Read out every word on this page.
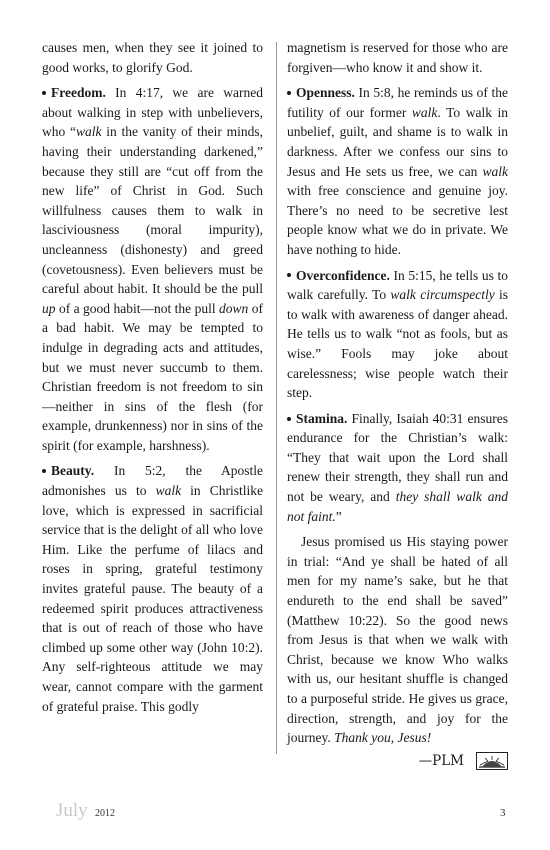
causes men, when they see it joined to good works, to glorify God.

Freedom. In 4:17, we are warned about walking in step with unbelievers, who “walk in the vanity of their minds, having their understanding darkened,” because they still are “cut off from the new life” of Christ in God. Such willfulness causes them to walk in lasciviousness (moral impurity), uncleanness (dishonesty) and greed (covetousness). Even believers must be careful about habit. It should be the pull up of a good habit—not the pull down of a bad habit. We may be tempted to indulge in degrading acts and attitudes, but we must never succumb to them. Christian freedom is not freedom to sin—neither in sins of the flesh (for example, drunkenness) nor in sins of the spirit (for example, harshness).

Beauty. In 5:2, the Apostle admonishes us to walk in Christlike love, which is expressed in sacrificial service that is the delight of all who love Him. Like the perfume of lilacs and roses in spring, grateful testimony invites grateful pause. The beauty of a redeemed spirit produces attractiveness that is out of reach of those who have climbed up some other way (John 10:2). Any self-righteous attitude we may wear, cannot compare with the garment of grateful praise. This godly

magnetism is reserved for those who are forgiven—who know it and show it.

Openness. In 5:8, he reminds us of the futility of our former walk. To walk in unbelief, guilt, and shame is to walk in darkness. After we confess our sins to Jesus and He sets us free, we can walk with free conscience and genuine joy. There’s no need to be secretive lest people know what we do in private. We have nothing to hide.

Overconfidence. In 5:15, he tells us to walk carefully. To walk circumspectly is to walk with awareness of danger ahead. He tells us to walk “not as fools, but as wise.” Fools may joke about carelessness; wise people watch their step.

Stamina. Finally, Isaiah 40:31 ensures endurance for the Christian’s walk: “They that wait upon the Lord shall renew their strength, they shall run and not be weary, and they shall walk and not faint.”

Jesus promised us His staying power in trial: “And ye shall be hated of all men for my name’s sake, but he that endureth to the end shall be saved” (Matthew 10:22). So the good news from Jesus is that when we walk with Christ, because we know Who walks with us, our hesitant shuffle is changed to a purposeful stride. He gives us grace, direction, strength, and joy for the journey. Thank you, Jesus!

—PLM
July 2012	3
